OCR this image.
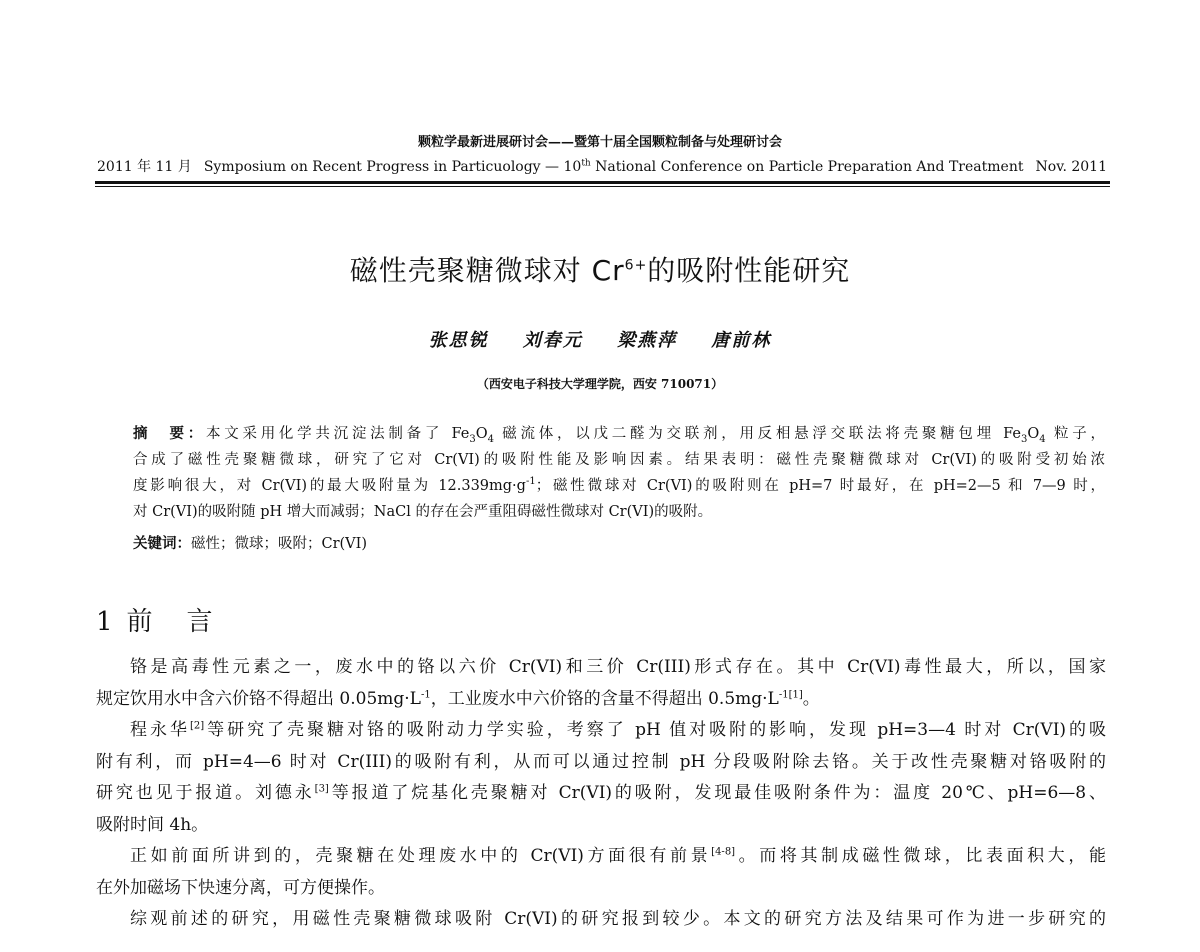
颗粒学最新进展研讨会——暨第十届全国颗粒制备与处理研讨会
2011 年 11 月 Symposium on Recent Progress in Particuology — 10th National Conference on Particle Preparation And Treatment Nov. 2011
磁性壳聚糖微球对 $Cr^{6+}$的吸附性能研究
张思锐 刘春元 梁燕萍 唐前林
（西安电子科技大学理学院，西安 710071）
摘　要：本文采用化学共沉淀法制备了 $Fe_3O_4$ 磁流体，以戊二醛为交联剂，用反相悬浮交联法将壳聚糖包埋 $Fe_3O_4$ 粒子，
合成了磁性壳聚糖微球，研究了它对 Cr(VI)的吸附性能及影响因素。结果表明：磁性壳聚糖微球对 Cr(VI)的吸附受初始浓
度影响很大，对 Cr(VI)的最大吸附量为 12.339mg·g$^{-1}$；磁性微球对 Cr(VI)的吸附则在 pH=7 时最好，在 pH=2—5 和 7—9 时，
对 Cr(VI)的吸附随 pH 增大而减弱；NaCl 的存在会严重阻碍磁性微球对 Cr(VI)的吸附。
关键词：磁性；微球；吸附；Cr(VI)
1 前　言
铬是高毒性元素之一，废水中的铬以六价 Cr(VI)和三价 Cr(III)形式存在。其中 Cr(VI)毒性最大，所以，国家
规定饮用水中含六价铬不得超出 0.05mg·L$^{-1}$，工业废水中六价铬的含量不得超出 0.5mg·L$^{-1[1]}$。
程永华[2]等研究了壳聚糖对铬的吸附动力学实验，考察了 pH 值对吸附的影响，发现 pH=3—4 时对 Cr(VI)的吸
附有利，而 pH=4—6 时对 Cr(III)的吸附有利，从而可以通过控制 pH 分段吸附除去铬。关于改性壳聚糖对铬吸附的
研究也见于报道。刘德永[3]等报道了烷基化壳聚糖对 Cr(VI)的吸附，发现最佳吸附条件为：温度 20℃、pH=6—8、
吸附时间 4h。
正如前面所讲到的，壳聚糖在处理废水中的 Cr(VI)方面很有前景[4-8]。而将其制成磁性微球，比表面积大，能
在外加磁场下快速分离，可方便操作。
综观前述的研究，用磁性壳聚糖微球吸附 Cr(VI)的研究报到较少。本文的研究方法及结果可作为进一步研究的
